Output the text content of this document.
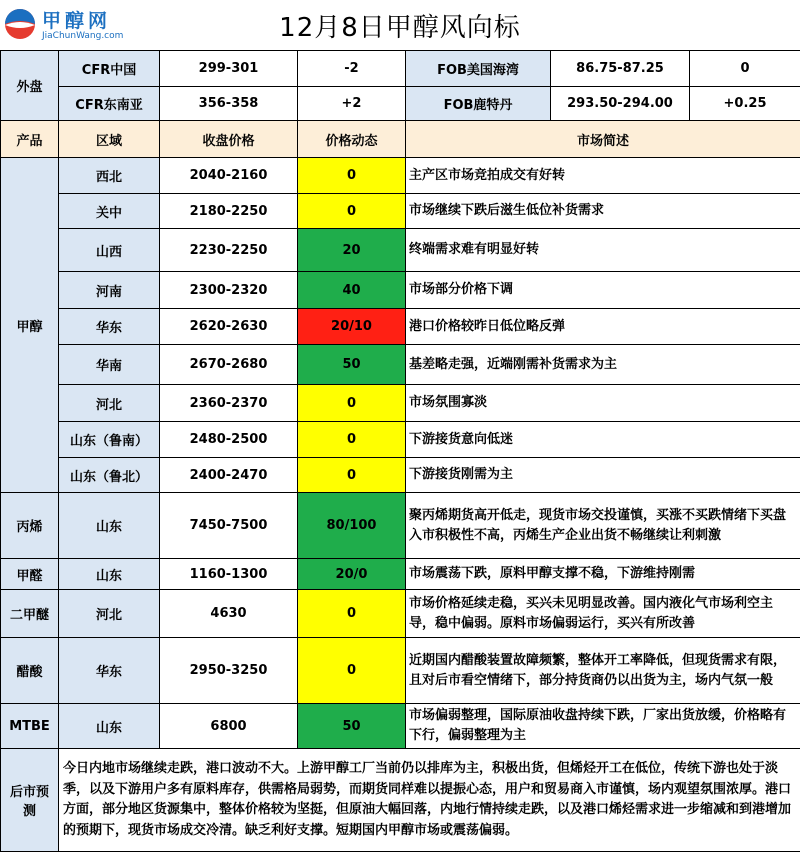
甲醇网
JiaChunWang.com	12月8日甲醇风向标
外盘	CFR中国	299-301	-2	FOB美国海湾	86.75-87.25	0
	CFR东南亚	356-358	+2	FOB鹿特丹	293.50-294.00	+0.25
产品	区域	收盘价格	价格动态	市场简述		
甲醇	西北	2040-2160	0	主产区市场竞拍成交有好转		
	关中	2180-2250	0	市场继续下跌后滋生低位补货需求		
	山西	2230-2250	20	终端需求难有明显好转		
	河南	2300-2320	40	市场部分价格下调		
	华东	2620-2630	20/10	港口价格较昨日低位略反弹		
	华南	2670-2680	50	基差略走强，近端刚需补货需求为主		
	河北	2360-2370	0	市场氛围寡淡		
	山东（鲁南）	2480-2500	0	下游接货意向低迷		
	山东（鲁北）	2400-2470	0	下游接货刚需为主		
丙烯	山东	7450-7500	80/100	聚丙烯期货高开低走，现货市场交投谨慎，买涨不买跌情绪下买盘入市积极性不高，丙烯生产企业出货不畅继续让利刺激		
甲醛	山东	1160-1300	20/0	市场震荡下跌，原料甲醇支撑不稳，下游维持刚需		
二甲醚	河北	4630	0	市场价格延续走稳，买兴未见明显改善。国内液化气市场利空主导，稳中偏弱。原料市场偏弱运行，买兴有所改善		
醋酸	华东	2950-3250	0	近期国内醋酸装置故障频繁，整体开工率降低，但现货需求有限，且对后市看空情绪下，部分持货商仍以出货为主，场内气氛一般		
MTBE	山东	6800	50	市场偏弱整理，国际原油收盘持续下跌，厂家出货放缓，价格略有下行，偏弱整理为主		
后市预测	今日内地市场继续走跌，港口波动不大。上游甲醇工厂当前仍以排库为主，积极出货，但烯烃开工在低位，传统下游也处于淡季，以及下游用户多有原料库存，供需格局弱势，而期货同样难以提振心态，用户和贸易商入市谨慎，场内观望氛围浓厚。港口方面，部分地区货源集中，整体价格较为坚挺，但原油大幅回落，内地行情持续走跌，以及港口烯烃需求进一步缩减和到港增加的预期下，现货市场成交冷清。缺乏利好支撑。短期国内甲醇市场或震荡偏弱。					
